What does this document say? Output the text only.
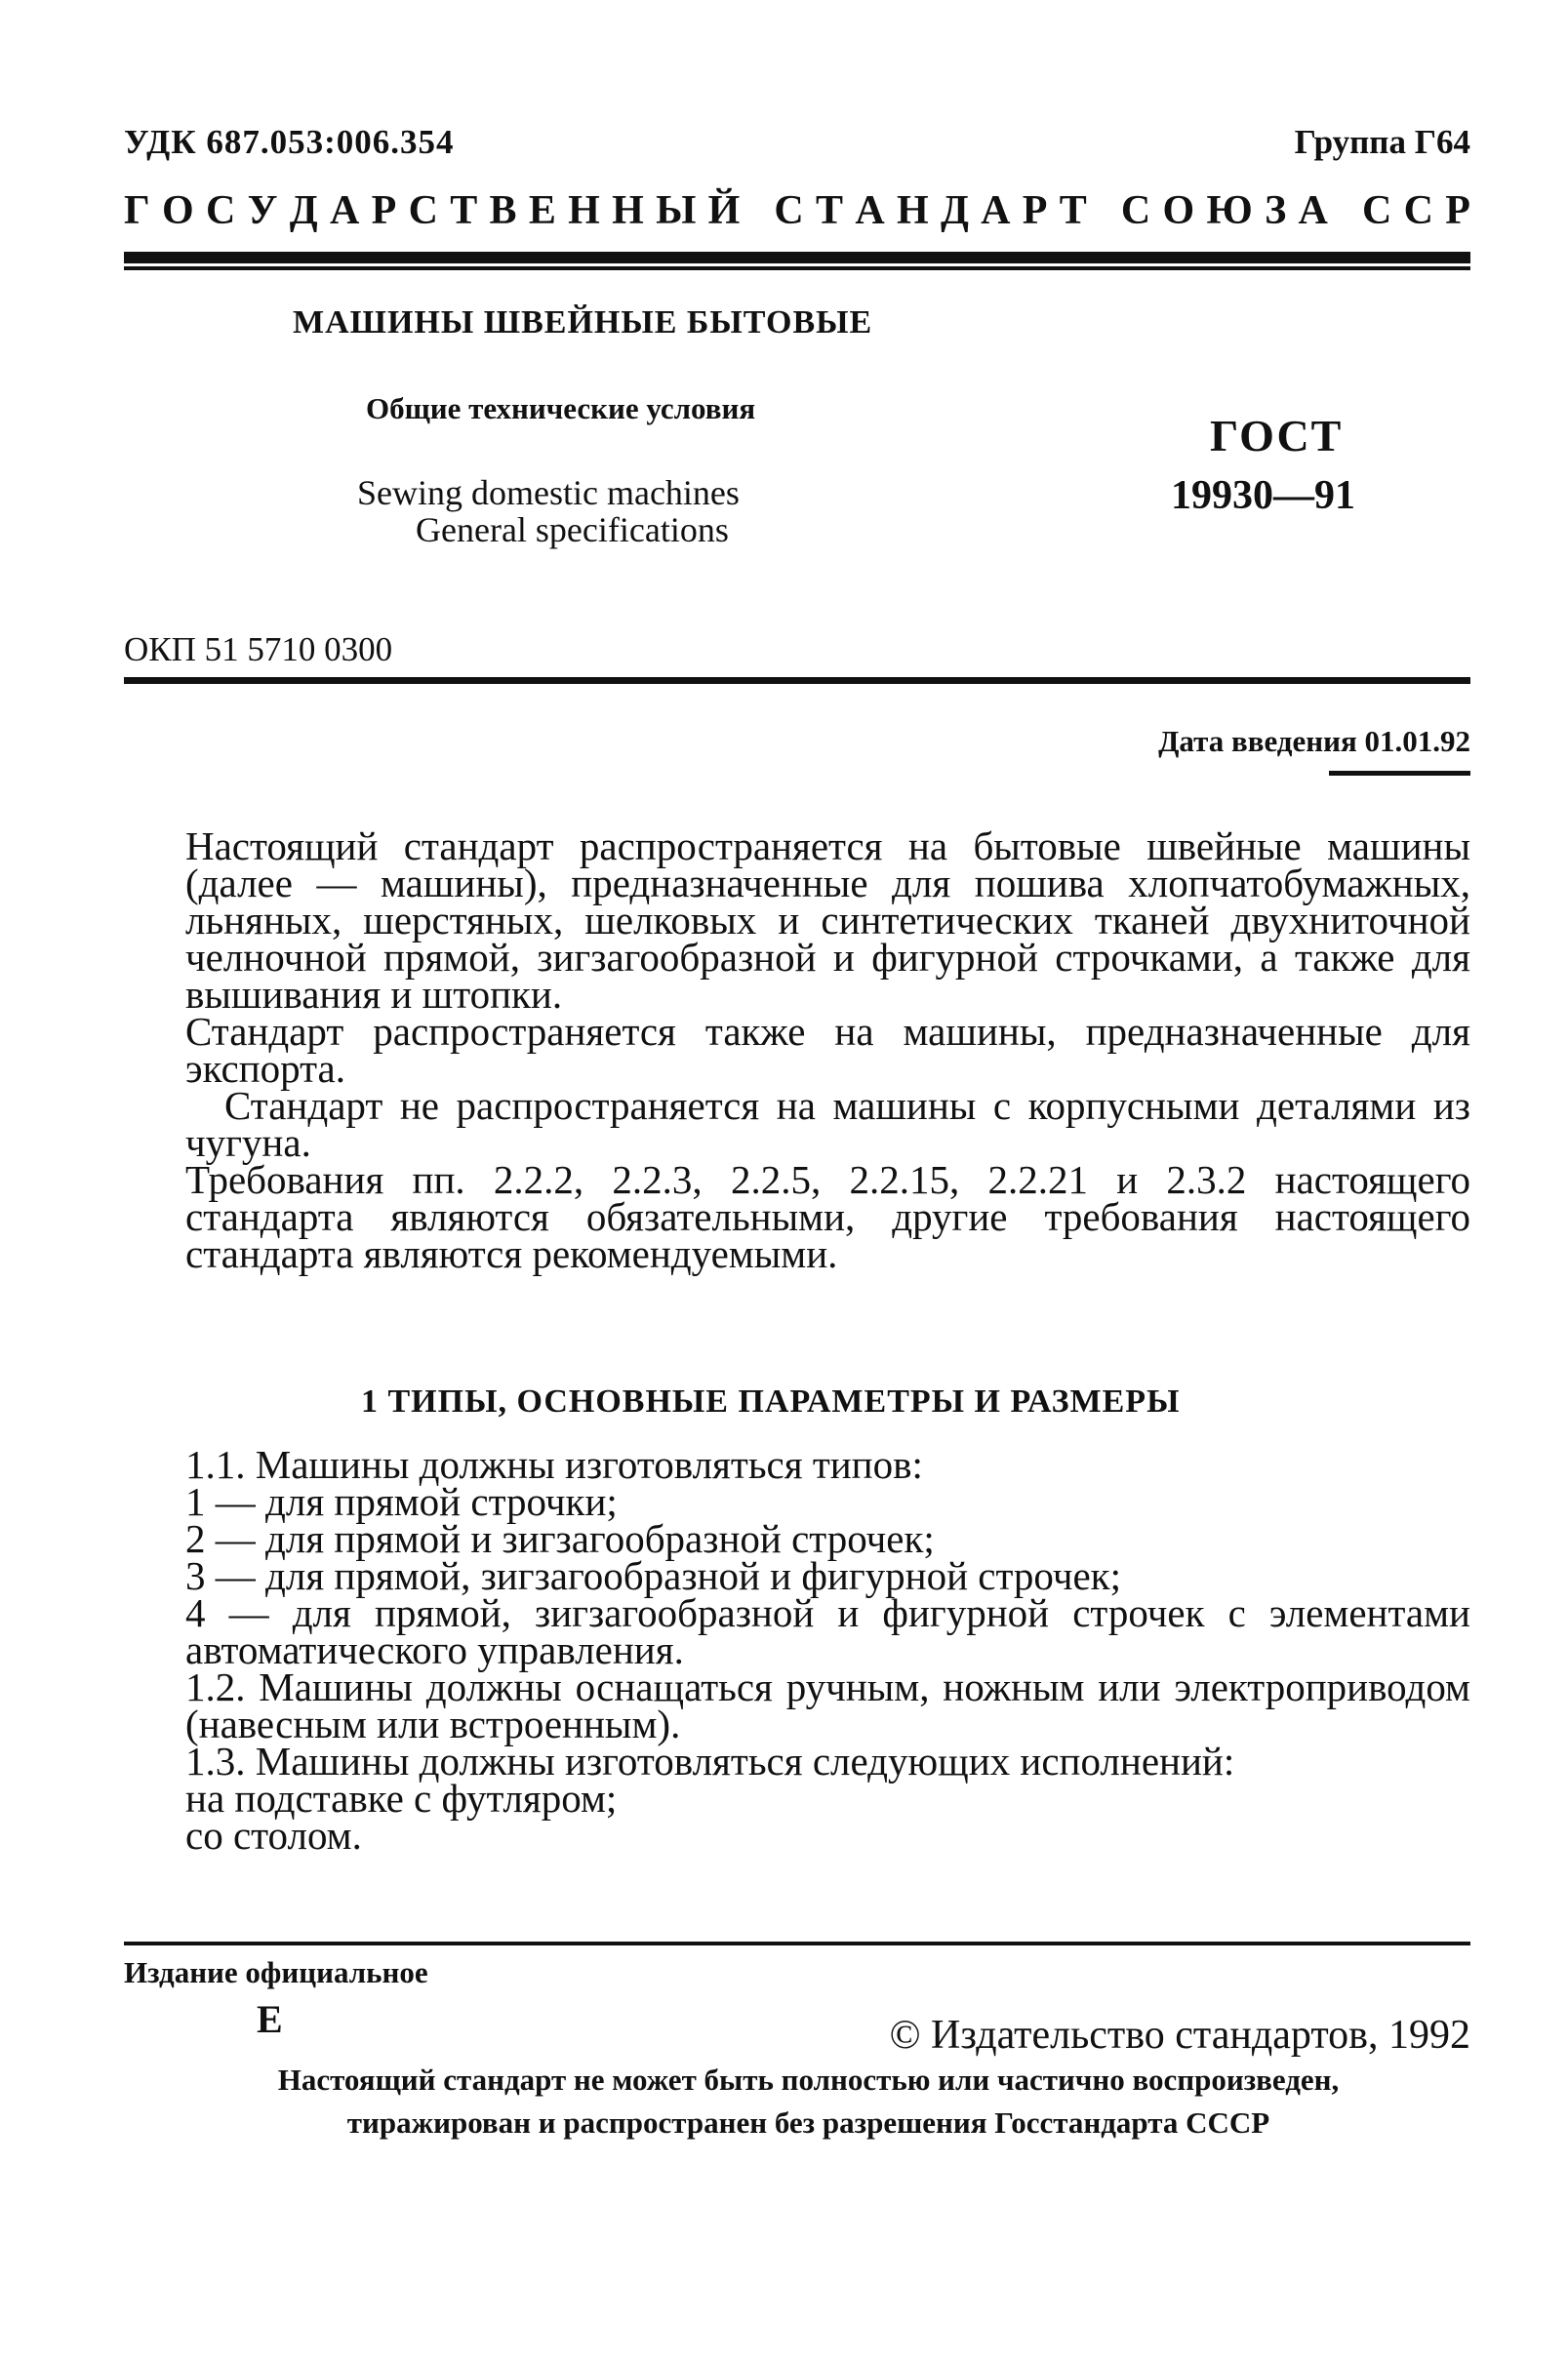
УДК 687.053:006.354	Группа Г64
Г О С У Д А Р С Т В Е Н Н Ы Й
С Т А Н Д А Р Т
С О Ю З А
С С Р
МАШИНЫ ШВЕЙНЫЕ БЫТОВЫЕ
Общие технические условия
Sewing domestic machines
General specifications
ГОСТ
19930—91
ОКП 51 5710 0300
Дата введения 01.01.92

Настоящий стандарт распространяется на бытовые швейные машины (далее — машины), предназначенные для пошива хлопчатобумажных, льняных, шерстяных, шелковых и синтетических тканей двухниточной челночной прямой, зигзагообразной и фигурной строчками, а также для вышивания и штопки.

Стандарт распространяется также на машины, предназначенные для экспорта.

Стандарт не распространяется на машины с корпусными деталями из чугуна.

Требования пп. 2.2.2, 2.2.3, 2.2.5, 2.2.15, 2.2.21 и 2.3.2 настоящего стандарта являются обязательными, другие требования настоящего стандарта являются рекомендуемыми.

1 ТИПЫ, ОСНОВНЫЕ ПАРАМЕТРЫ И РАЗМЕРЫ

1.1. Машины должны изготовляться типов:

1 — для прямой строчки;

2 — для прямой и зигзагообразной строчек;

3 — для прямой, зигзагообразной и фигурной строчек;

4 — для прямой, зигзагообразной и фигурной строчек с элементами автоматического управления.

1.2. Машины должны оснащаться ручным, ножным или электроприводом (навесным или встроенным).

1.3. Машины должны изготовляться следующих исполнений:

на подставке с футляром;

со столом.

Издание официальное
Е	© Издательство стандартов, 1992
Настоящий стандарт не может быть полностью или частично воспроизведен,
тиражирован и распространен без разрешения Госстандарта СССР
